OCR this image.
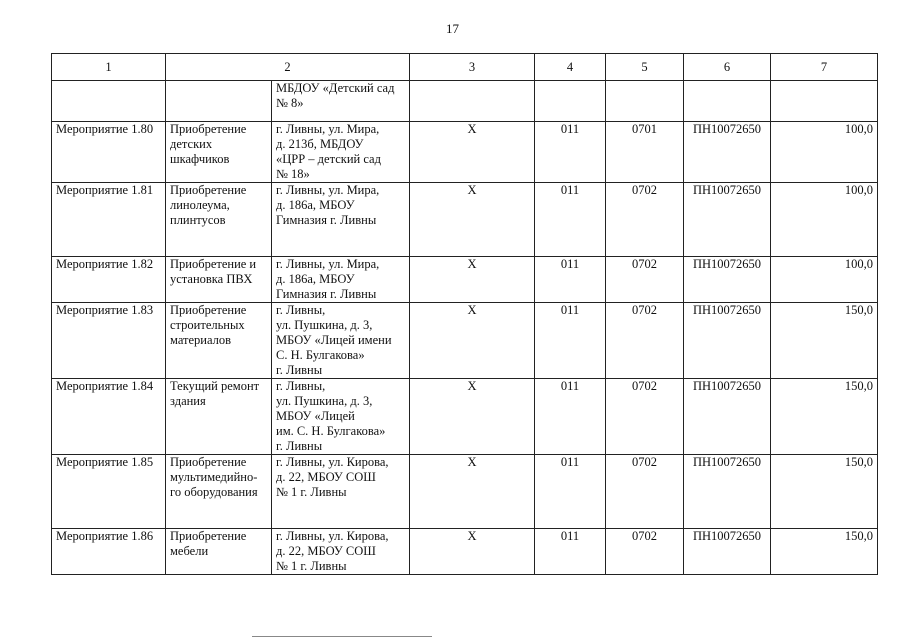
17
1	2		3	4	5	6	7
		МБДОУ «Детский сад
№ 8»					
Мероприятие 1.80	Приобретение
детских
шкафчиков	г. Ливны, ул. Мира,
д. 213б, МБДОУ
«ЦРР – детский сад
№ 18»	Х	011	0701	ПН10072650	100,0
Мероприятие 1.81	Приобретение
линолеума,
плинтусов	г. Ливны, ул. Мира,
д. 186а, МБОУ
Гимназия г. Ливны	Х	011	0702	ПН10072650	100,0
Мероприятие 1.82	Приобретение и
установка ПВХ	г. Ливны, ул. Мира,
д. 186а, МБОУ
Гимназия г. Ливны	Х	011	0702	ПН10072650	100,0
Мероприятие 1.83	Приобретение
строительных
материалов	г. Ливны,
ул. Пушкина, д. 3,
МБОУ «Лицей имени
С. Н. Булгакова»
г. Ливны	Х	011	0702	ПН10072650	150,0
Мероприятие 1.84	Текущий ремонт
здания	г. Ливны,
ул. Пушкина, д. 3,
МБОУ «Лицей
им. С. Н. Булгакова»
г. Ливны	Х	011	0702	ПН10072650	150,0
Мероприятие 1.85	Приобретение
мультимедийно-
го оборудования	г. Ливны, ул. Кирова,
д. 22, МБОУ СОШ
№ 1 г. Ливны	Х	011	0702	ПН10072650	150,0
Мероприятие 1.86	Приобретение
мебели	г. Ливны, ул. Кирова,
д. 22, МБОУ СОШ
№ 1 г. Ливны	Х	011	0702	ПН10072650	150,0
